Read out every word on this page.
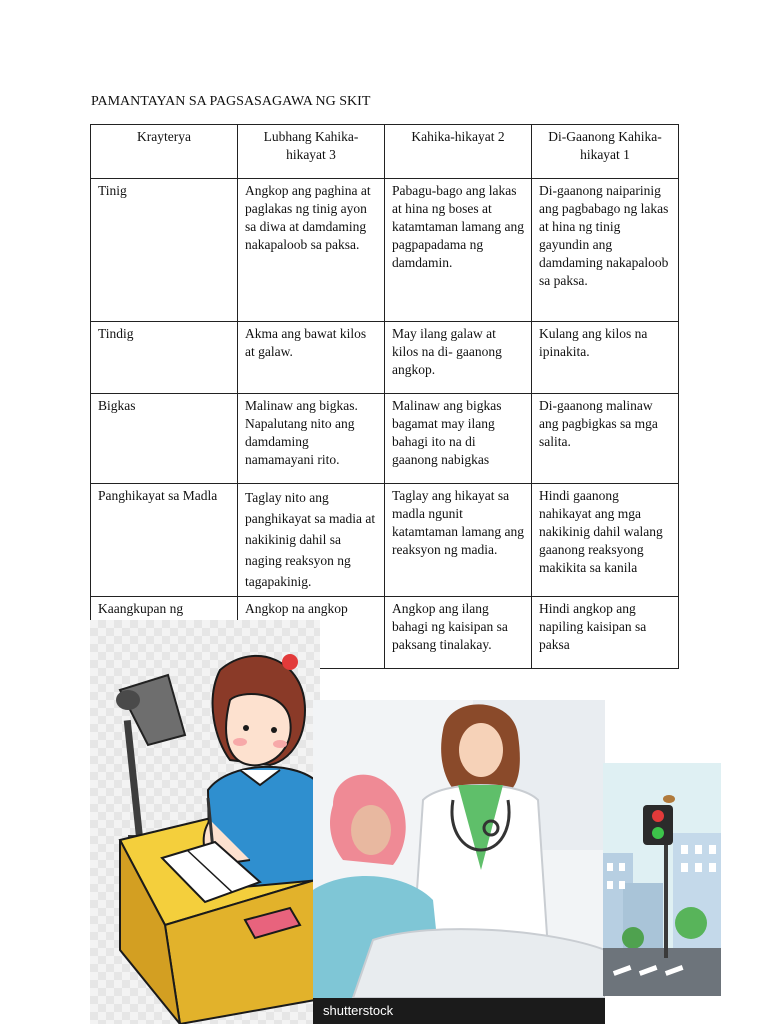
PAMANTAYAN SA PAGSASAGAWA NG SKIT
Krayterya	Lubhang Kahika-hikayat 3	Kahika-hikayat 2	Di-Gaanong Kahika-hikayat 1
Tinig	Angkop ang paghina at paglakas ng tinig ayon sa diwa at damdaming nakapaloob sa paksa.	Pabagu-bago ang lakas at hina ng boses at katamtaman lamang ang pagpapadama ng damdamin.	Di-gaanong naiparinig ang pagbabago ng lakas at hina ng tinig gayundin ang damdaming nakapaloob sa paksa.
Tindig	Akma ang bawat kilos at galaw.	May ilang galaw at kilos na di- gaanong angkop.	Kulang ang kilos na ipinakita.
Bigkas	Malinaw ang bigkas. Napalutang nito ang damdaming namamayani rito.	Malinaw ang bigkas bagamat may ilang bahagi ito na di gaanong nabigkas	Di-gaanong malinaw ang pagbigkas sa mga salita.
Panghikayat sa Madla	Taglay nito ang panghikayat sa madia at nakikinig dahil sa naging reaksyon ng tagapakinig.	Taglay ang hikayat sa madla ngunit katamtaman lamang ang reaksyon ng madia.	Hindi gaanong nahikayat ang mga nakikinig dahil walang gaanong reaksyong makikita sa kanila
Kaangkupan ng	Angkop na angkop	Angkop ang ilang bahagi ng kaisipan sa paksang tinalakay.	Hindi angkop ang napiling kaisipan sa paksa
shutterstock
